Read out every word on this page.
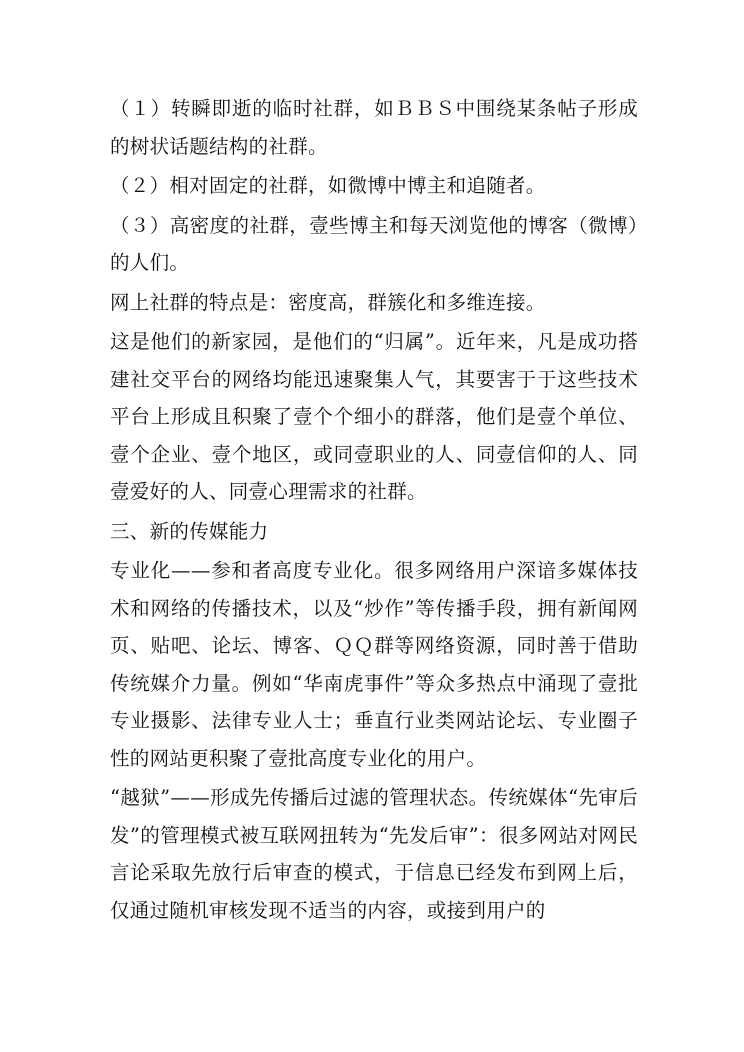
（１）转瞬即逝的临时社群，如ＢＢＳ中围绕某条帖子形成的树状话题结构的社群。

（２）相对固定的社群，如微博中博主和追随者。

（３）高密度的社群，壹些博主和每天浏览他的博客（微博）的人们。

网上社群的特点是：密度高，群簇化和多维连接。

这是他们的新家园，是他们的“归属”。近年来，凡是成功搭建社交平台的网络均能迅速聚集人气，其要害于于这些技术平台上形成且积聚了壹个个细小的群落，他们是壹个单位、壹个企业、壹个地区，或同壹职业的人、同壹信仰的人、同壹爱好的人、同壹心理需求的社群。

三、新的传媒能力

专业化——参和者高度专业化。很多网络用户深谙多媒体技术和网络的传播技术，以及“炒作”等传播手段，拥有新闻网页、贴吧、论坛、博客、ＱＱ群等网络资源，同时善于借助传统媒介力量。例如“华南虎事件”等众多热点中涌现了壹批专业摄影、法律专业人士；垂直行业类网站论坛、专业圈子性的网站更积聚了壹批高度专业化的用户。

“越狱”——形成先传播后过滤的管理状态。传统媒体“先审后发”的管理模式被互联网扭转为“先发后审”：很多网站对网民言论采取先放行后审查的模式，于信息已经发布到网上后，仅通过随机审核发现不适当的内容，或接到用户的
